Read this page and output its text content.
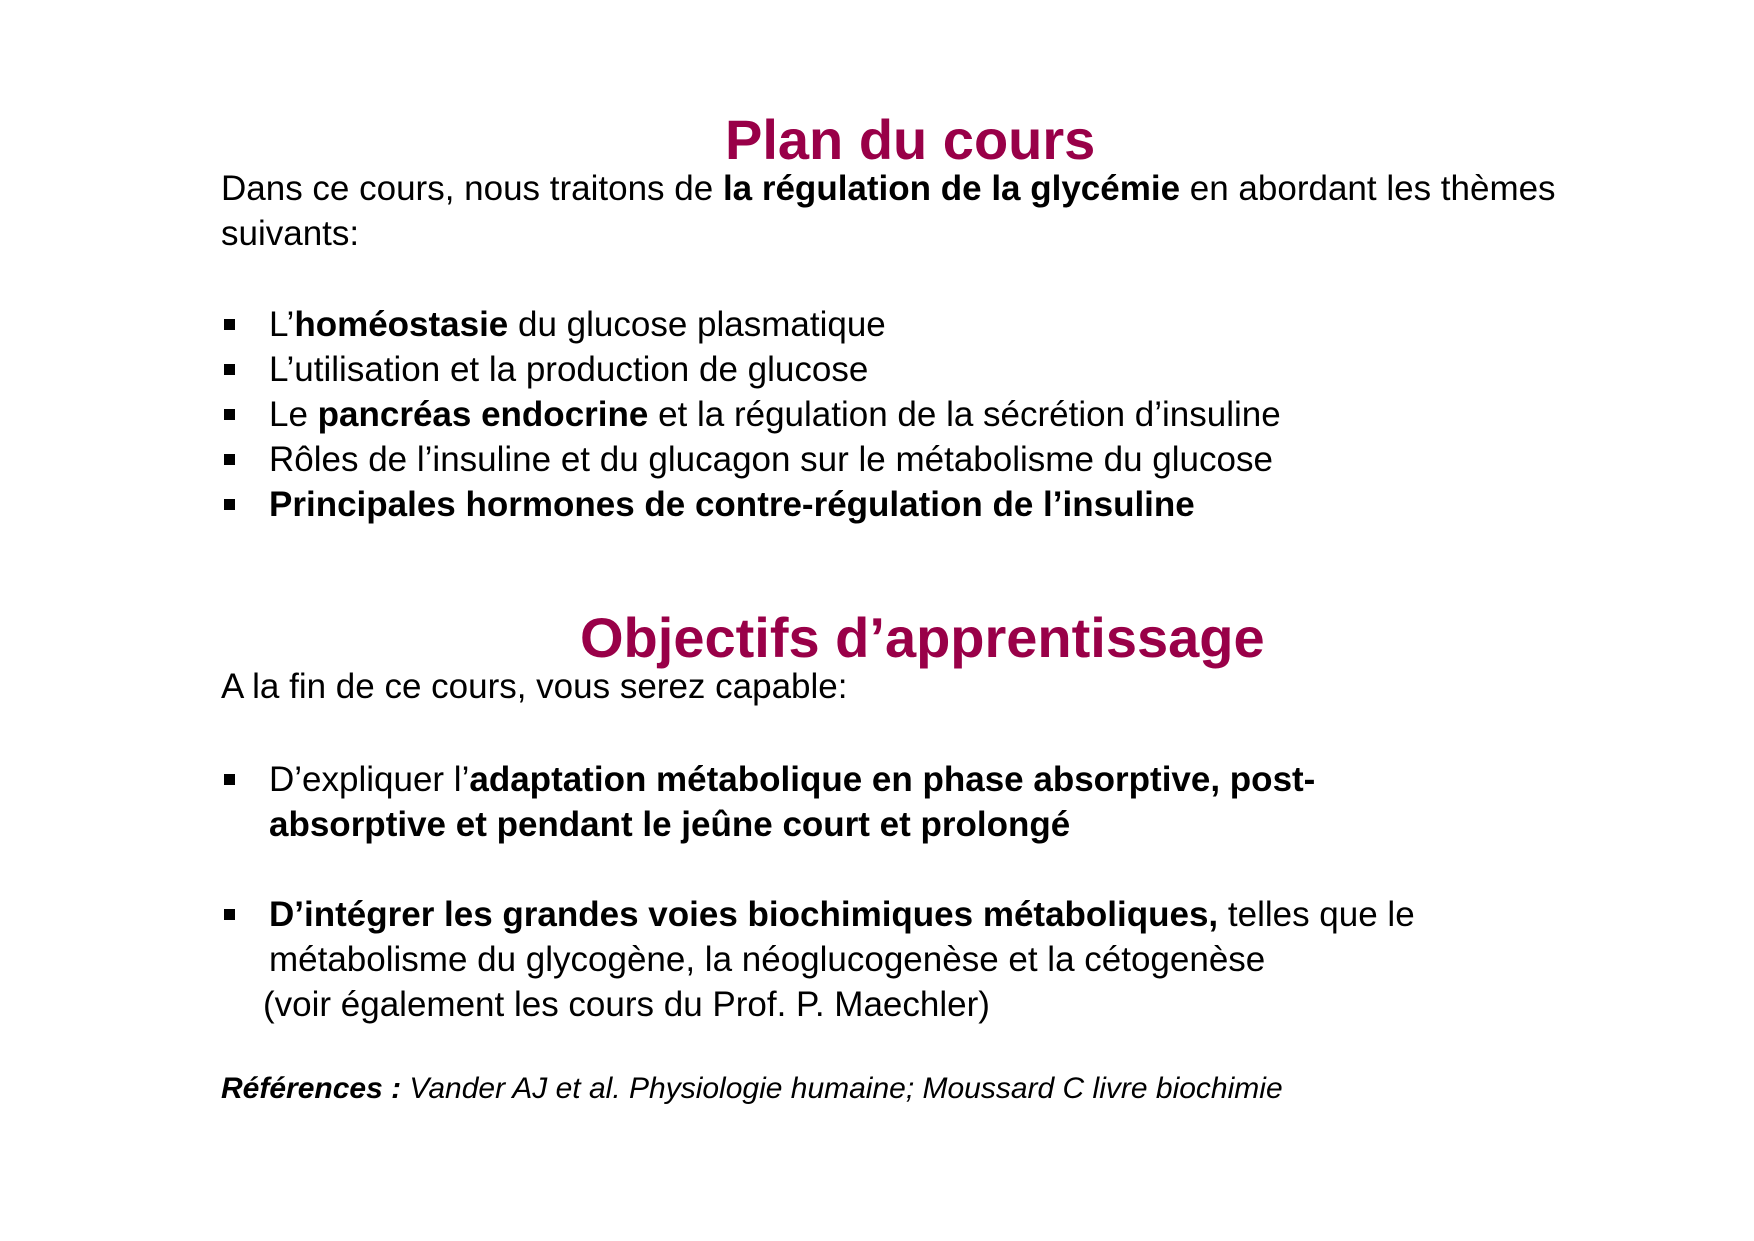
Plan du cours
Dans ce cours, nous traitons de la régulation de la glycémie en abordant les thèmes suivants:
L’homéostasie du glucose plasmatique
L’utilisation et la production de glucose
Le pancréas endocrine et la régulation de la sécrétion d’insuline
Rôles de l’insuline et du glucagon sur le métabolisme du glucose
Principales hormones de contre-régulation de l’insuline
Objectifs d’apprentissage
A la fin de ce cours, vous serez capable:
D’expliquer l’adaptation métabolique en phase absorptive, post-absorptive et pendant le jeûne court et prolongé
D’intégrer les grandes voies biochimiques métaboliques, telles que le métabolisme du glycogène, la néoglucogenèse et la cétogenèse
(voir également les cours du Prof. P. Maechler)
Références : Vander AJ et al. Physiologie humaine; Moussard C livre biochimie
